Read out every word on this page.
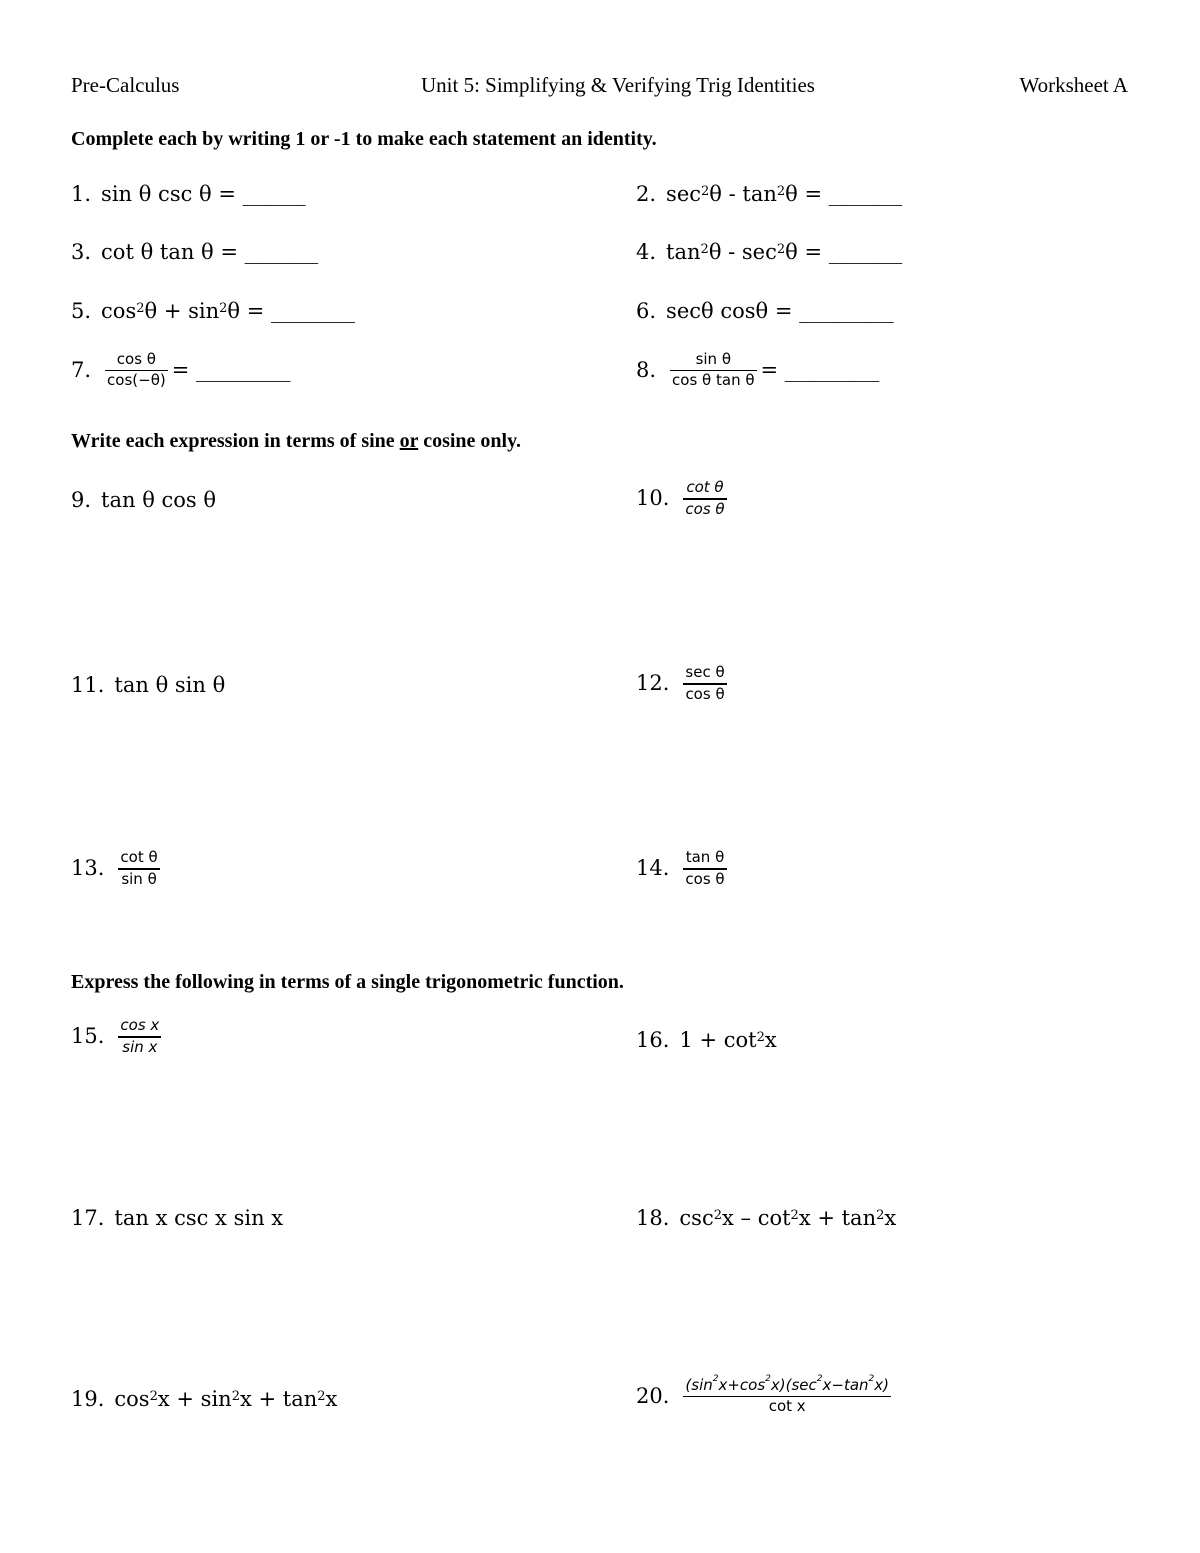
Pre-Calculus	Unit 5: Simplifying & Verifying Trig Identities	Worksheet A
Complete each by writing 1 or -1 to make each statement an identity.
1. sin θ csc θ = ______	2. $\sec^2 \theta - \tan^2 \theta$ = _______
3. cot θ tan θ = _______	4. $\tan^2 \theta - \sec^2 \theta$ = _______
5. $\cos^2 \theta + \sin^2 \theta$ = ________	6. secθ cosθ = _________
7. $\frac{\text{cos θ}}{\cos(-\theta)}$ = _________	8. $\frac{\text{sin θ}}{\text{cos θ tan θ}}$ = _________
Write each expression in terms of sine or cosine only.
9. tan θ cos θ	10. $\frac{\text{cot θ}}{\text{cos θ}}$
11. tan θ sin θ	12. $\frac{\text{sec θ}}{\text{cos θ}}$
13. $\frac{\text{cot θ}}{\text{sin θ}}$	14. $\frac{\text{tan θ}}{\text{cos θ}}$
Express the following in terms of a single trigonometric function.
15. $\frac{\text{cos x}}{\text{sin x}}$	16. $1 + \cot^2 x$
17. tan x csc x sin x	18. $\csc^2 x - \cot^2 x + \tan^2 x$
19. $\cos^2 x + \sin^2 x + \tan^2 x$	20. $\frac{(\sin^2x+\cos^2x)(\sec^2x-\tan^2x)}{\text{cot x}}$
